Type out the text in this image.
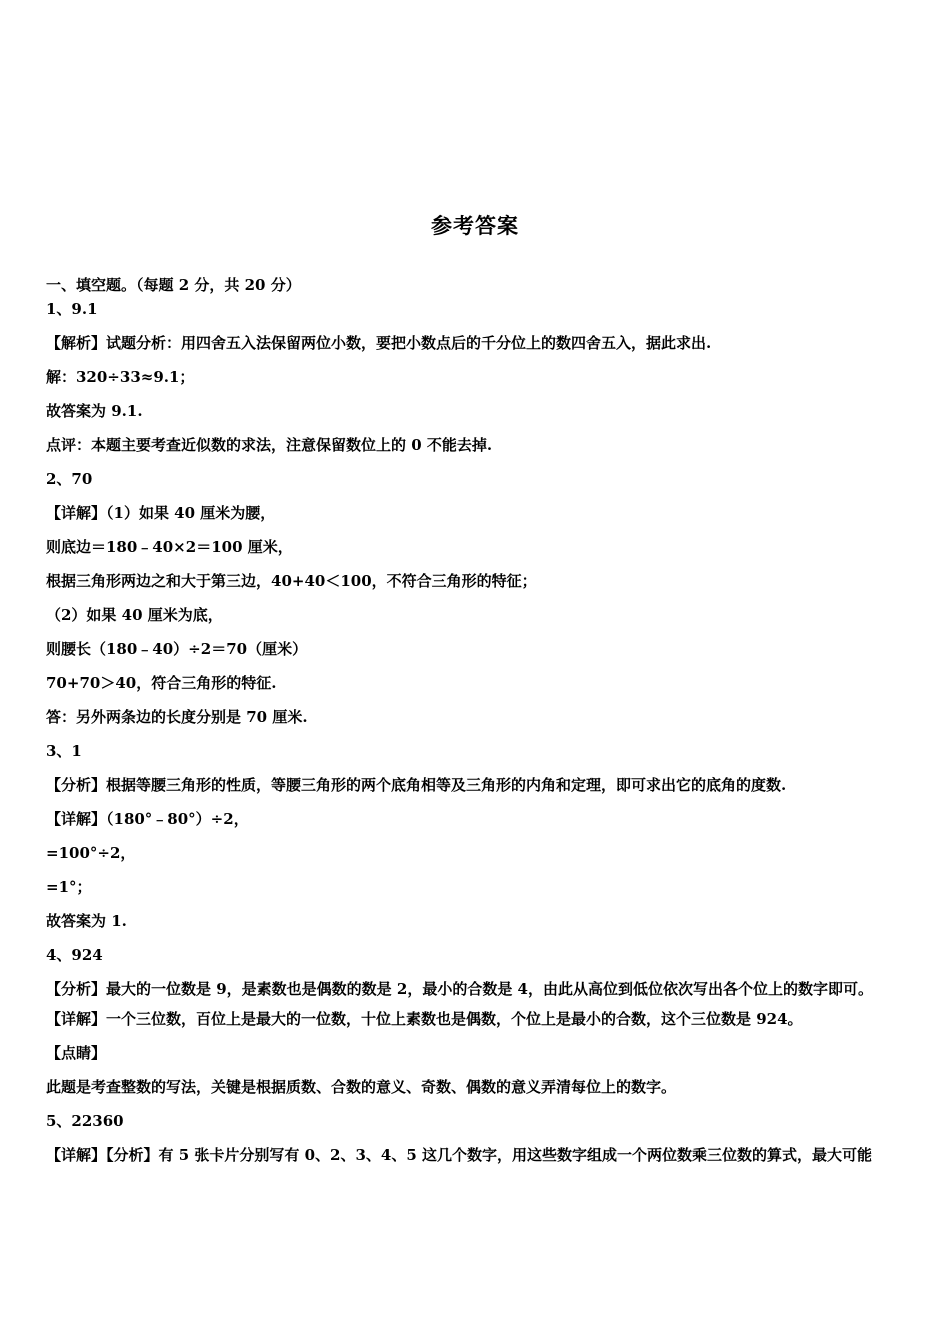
参考答案
一、填空题。（每题 2 分，共 20 分）
1、9.1
【解析】试题分析：用四舍五入法保留两位小数，要把小数点后的千分位上的数四舍五入，据此求出.
解：320÷33≈9.1；
故答案为 9.1.
点评：本题主要考查近似数的求法，注意保留数位上的 0 不能去掉.
2、70
【详解】（1）如果 40 厘米为腰，
则底边＝180﹣40×2＝100 厘米，
根据三角形两边之和大于第三边，40+40＜100，不符合三角形的特征；
（2）如果 40 厘米为底，
则腰长（180﹣40）÷2＝70（厘米）
70+70＞40，符合三角形的特征.
答：另外两条边的长度分别是 70 厘米.
3、1
【分析】根据等腰三角形的性质，等腰三角形的两个底角相等及三角形的内角和定理，即可求出它的底角的度数.
【详解】（180°﹣80°）÷2，
=100°÷2，
=1°；
故答案为 1.
4、924
【分析】最大的一位数是 9，是素数也是偶数的数是 2，最小的合数是 4，由此从高位到低位依次写出各个位上的数字即可。
【详解】一个三位数，百位上是最大的一位数，十位上素数也是偶数，个位上是最小的合数，这个三位数是 924。
【点睛】
此题是考查整数的写法，关键是根据质数、合数的意义、奇数、偶数的意义弄清每位上的数字。
5、22360
【详解】【分析】有 5 张卡片分别写有 0、2、3、4、5 这几个数字，用这些数字组成一个两位数乘三位数的算式，最大可能
